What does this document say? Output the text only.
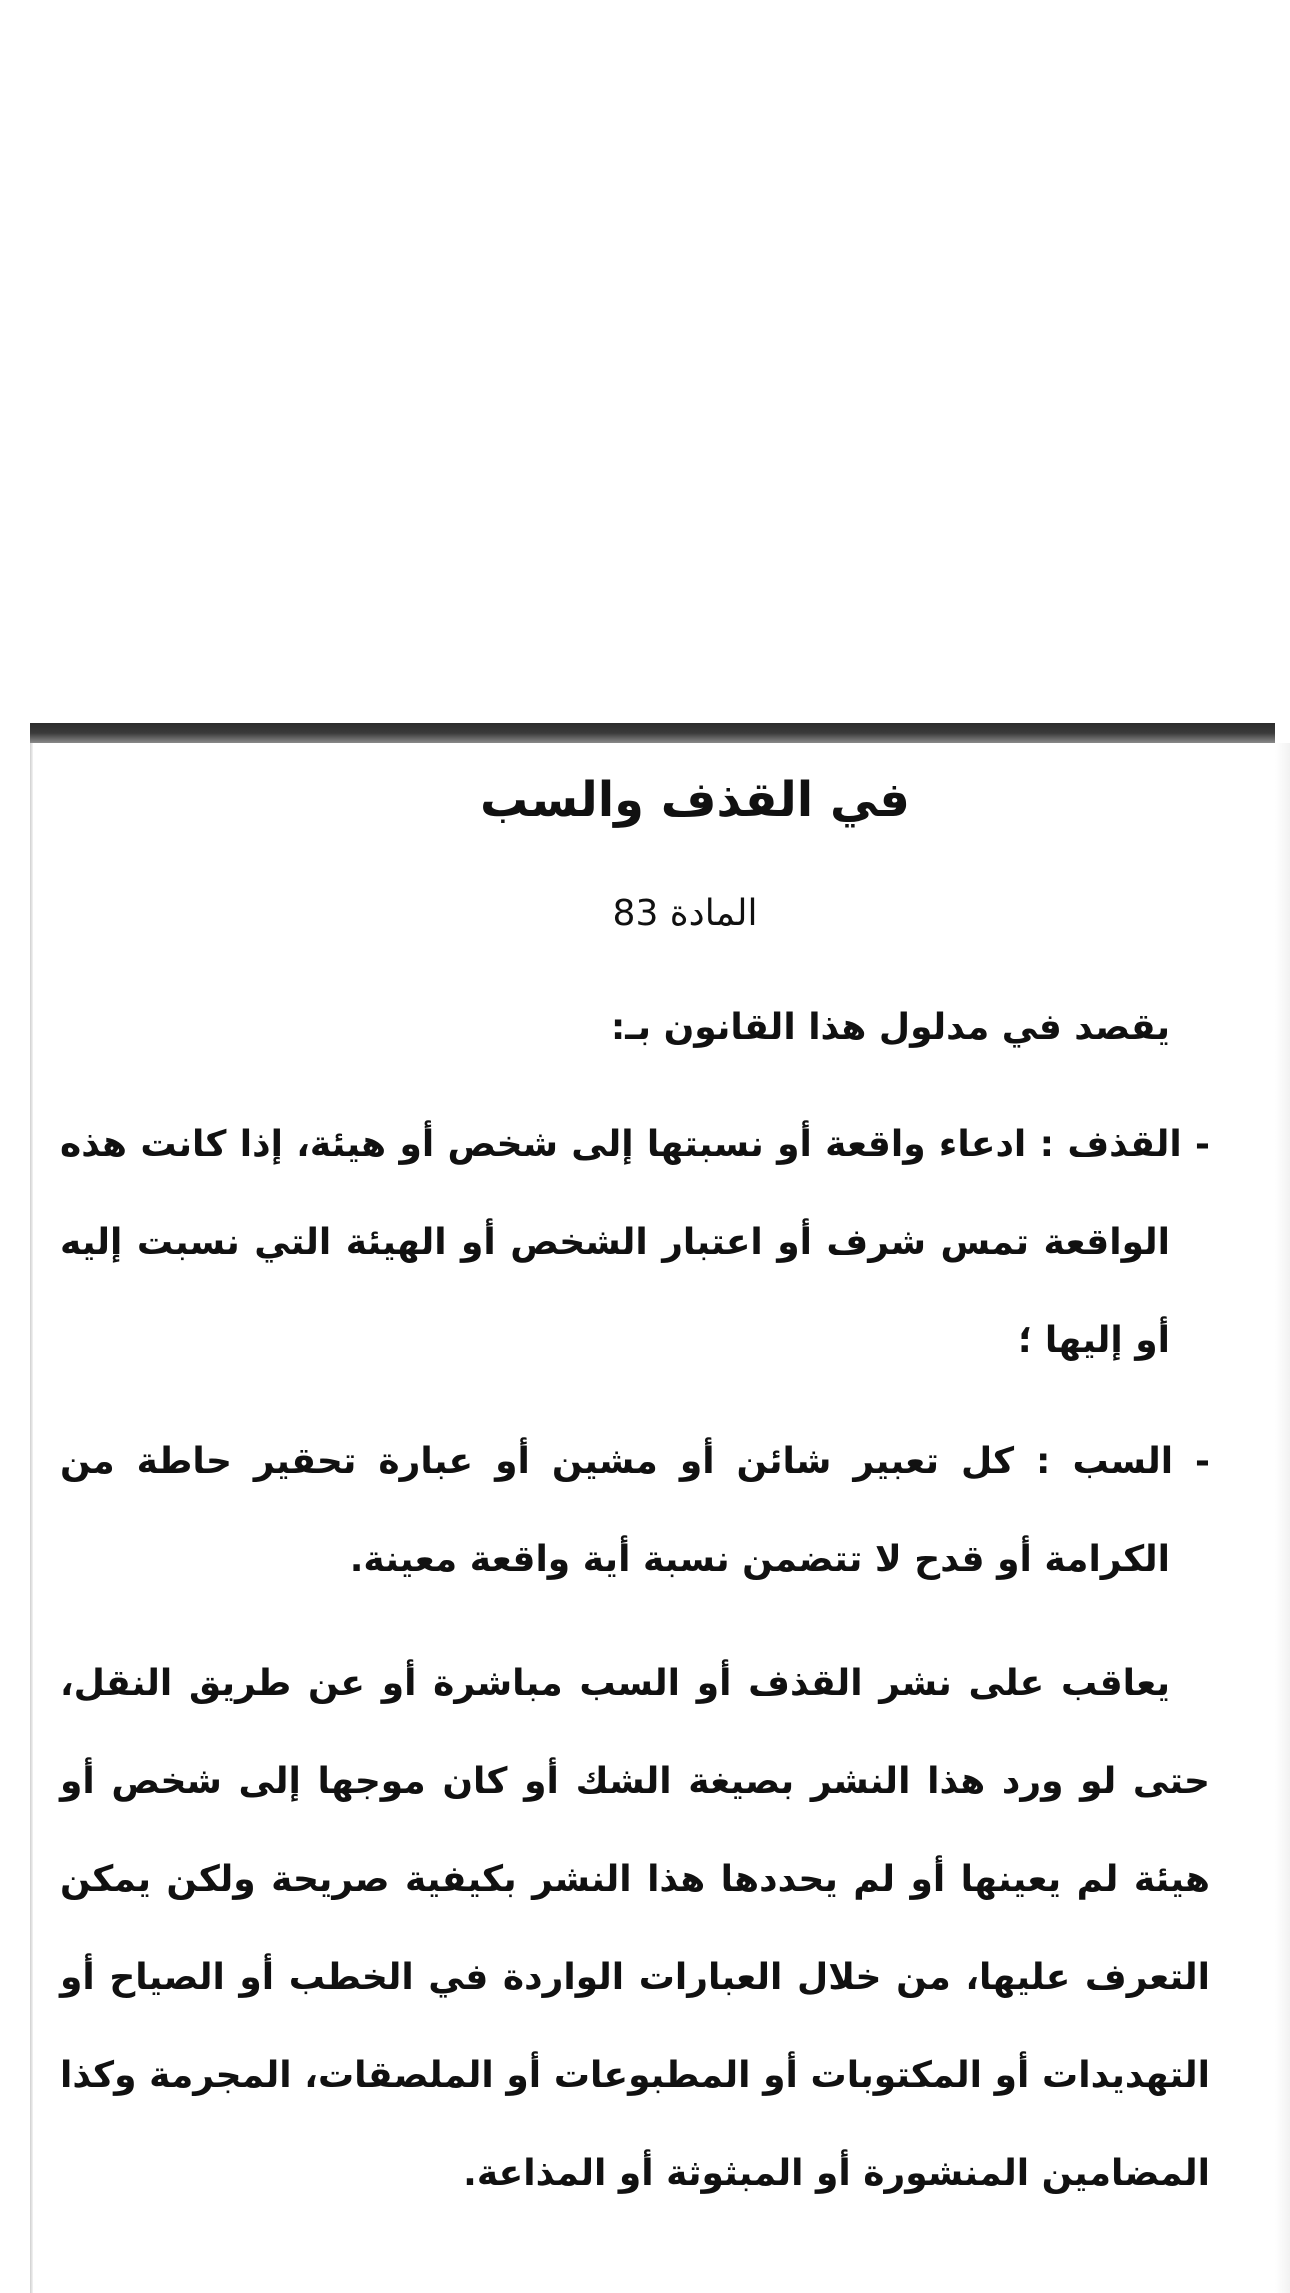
في القذف والسب
المادة 83
يقصد في مدلول هذا القانون بـ:
- القذف : ادعاء واقعة أو نسبتها إلى شخص أو هيئة، إذا كانت هذه الواقعة تمس شرف أو اعتبار الشخص أو الهيئة التي نسبت إليه أو إليها ؛
- السب : كل تعبير شائن أو مشين أو عبارة تحقير حاطة من الكرامة أو قدح لا تتضمن نسبة أية واقعة معينة.
يعاقب على نشر القذف أو السب مباشرة أو عن طريق النقل، حتى لو ورد هذا النشر بصيغة الشك أو كان موجها إلى شخص أو هيئة لم يعينها أو لم يحددها هذا النشر بكيفية صريحة ولكن يمكن التعرف عليها، من خلال العبارات الواردة في الخطب أو الصياح أو التهديدات أو المكتوبات أو المطبوعات أو الملصقات، المجرمة وكذا المضامين المنشورة أو المبثوثة أو المذاعة.
